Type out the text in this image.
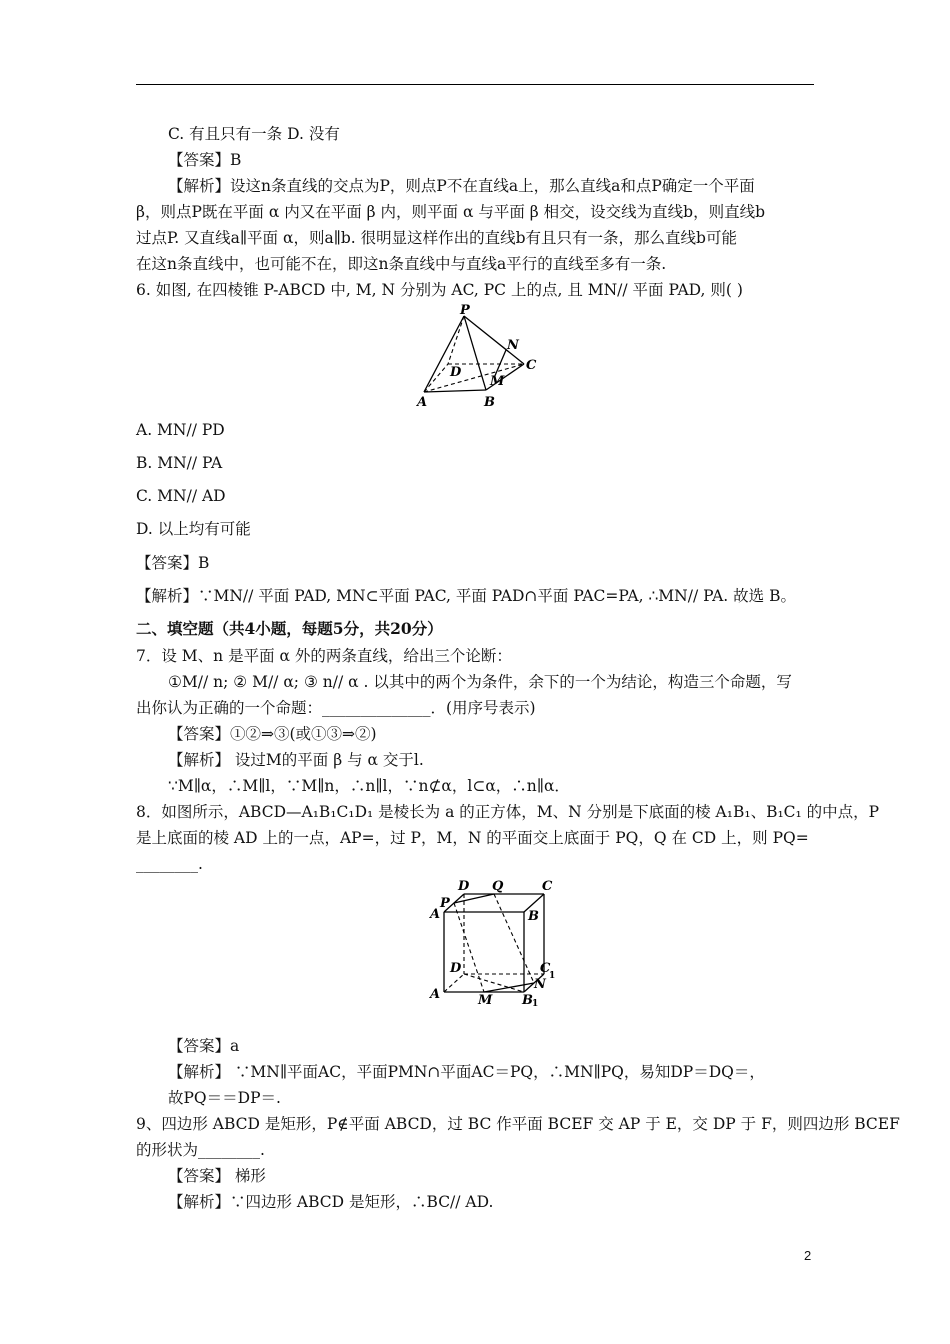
C. 有且只有一条 D. 没有
【答案】B
【解析】设这n条直线的交点为P，则点P不在直线a上，那么直线a和点P确定一个平面
β，则点P既在平面 α 内又在平面 β 内，则平面 α 与平面 β 相交，设交线为直线b，则直线b
过点P. 又直线a∥平面 α，则a∥b. 很明显这样作出的直线b有且只有一条，那么直线b可能
在这n条直线中，也可能不在，即这n条直线中与直线a平行的直线至多有一条.
6. 如图, 在四棱锥 P-ABCD 中, M, N 分别为 AC, PC 上的点, 且 MN// 平面 PAD, 则( )
P
N
C
D
M
A	B
A. MN// PD
B. MN// PA
C. MN// AD
D. 以上均有可能
【答案】B
【解析】∵MN// 平面 PAD, MN⊂平面 PAC, 平面 PAD∩平面 PAC=PA, ∴MN// PA. 故选 B。
二、填空题（共4小题，每题5分，共20分）
7．设 M、n 是平面 α 外的两条直线，给出三个论断：
①M// n; ② M// α; ③ n// α . 以其中的两个为条件，余下的一个为结论，构造三个命题，写
出你认为正确的一个命题：______________．(用序号表示)
【答案】①②⇒③(或①③⇒②)
【解析】 设过M的平面 β 与 α 交于l.
∵M∥α，∴M∥l，∵M∥n，∴n∥l，∵n⊄α，l⊂α，∴n∥α．
8．如图所示，ABCD—A₁B₁C₁D₁ 是棱长为 a 的正方体，M、N 分别是下底面的棱 A₁B₁、B₁C₁ 的中点，P
是上底面的棱 AD 上的一点，AP=，过 P，M，N 的平面交上底面于 PQ，Q 在 CD 上，则 PQ=
________.
D Q	C
P
A	B
D	C
1
N
A	M B 1
【答案】a
【解析】 ∵MN∥平面AC，平面PMN∩平面AC＝PQ，∴MN∥PQ，易知DP＝DQ＝，
故PQ＝＝DP＝.
9、四边形 ABCD 是矩形，P∉平面 ABCD，过 BC 作平面 BCEF 交 AP 于 E，交 DP 于 F，则四边形 BCEF
的形状为________.
【答案】 梯形
【解析】∵四边形 ABCD 是矩形，∴BC// AD.
2
